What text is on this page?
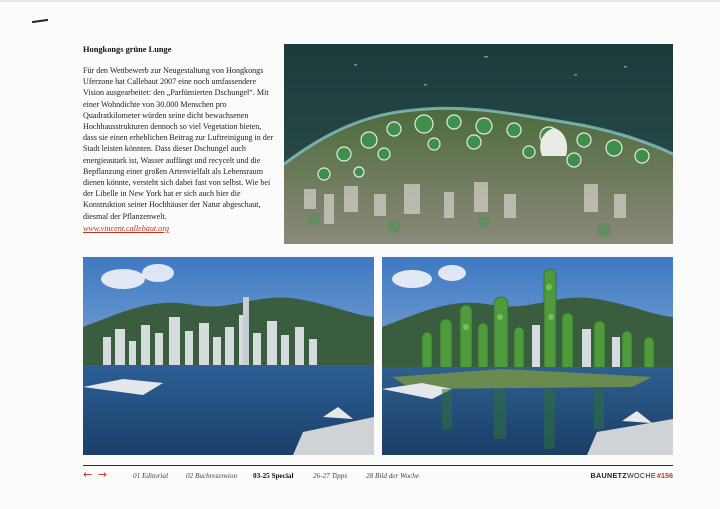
Hongkongs grüne Lunge

Für den Wettbewerb zur Neugestaltung von Hongkongs Uferzone hat Callebaut 2007 eine noch umfassendere Vision ausgearbeitet: den „Parfümierten Dschungel“. Mit einer Wohndichte von 30.000 Menschen pro Quadratkilometer würden seine dicht bewachsenen Hochhausstrukturen dennoch so viel Vegetation bieten, dass sie einen erheblichen Beitrag zur Luftreinigung in der Stadt leisten könnten. Dass dieser Dschungel auch energieautark ist, Wasser auffängt und recycelt und die Bepflanzung einer großen Artenvielfalt als Lebensraum dienen könnte, versteht sich dabei fast von selbst. Wie bei der Libelle in New York hat er sich auch hier die Konstruktion seiner Hochhäuser der Natur abgeschaut, diesmal der Pflanzenwelt.

www.vincent.callebaut.org
← →	01 Editorial	02 Buchrezension 03-25 Special	26-27 Tipps	28 Bild der Woche	BAUNETZWOCHE#156
